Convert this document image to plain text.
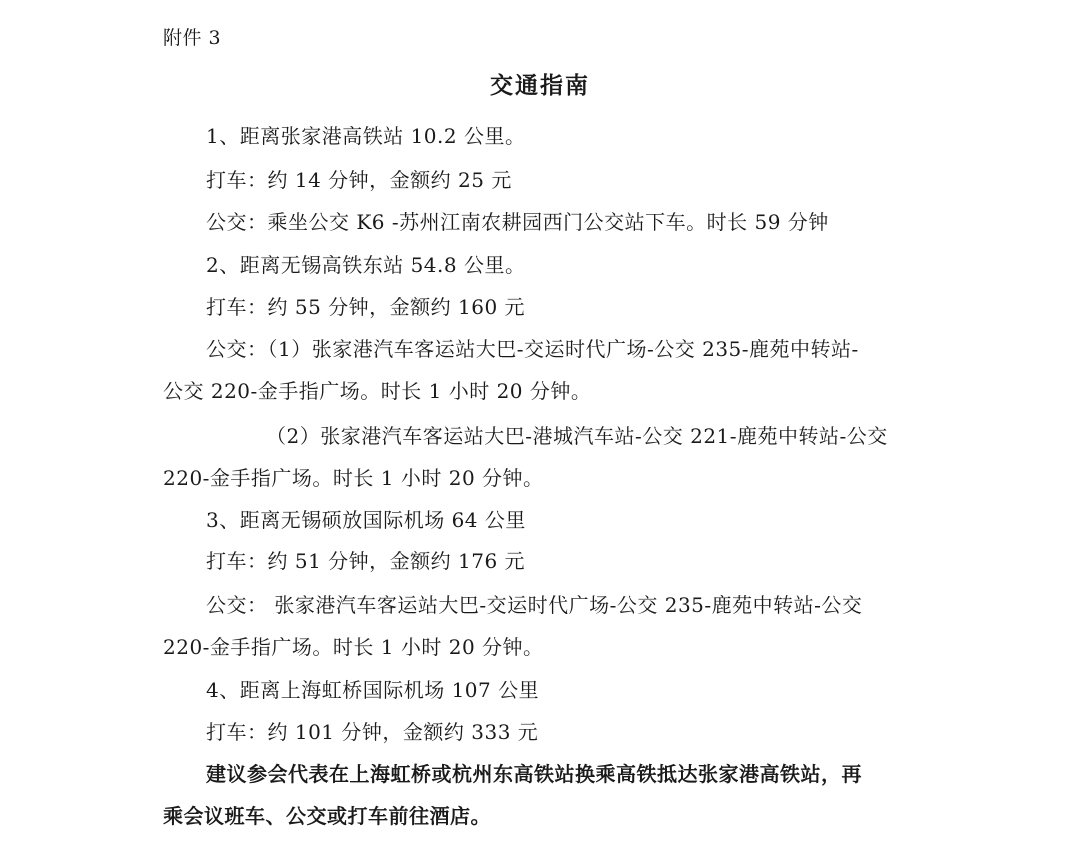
附件 3
交通指南
1、距离张家港高铁站 10.2 公里。
打车：约 14 分钟，金额约 25 元
公交：乘坐公交 K6 -苏州江南农耕园西门公交站下车。时长 59 分钟
2、距离无锡高铁东站 54.8 公里。
打车：约 55 分钟，金额约 160 元
公交：（1）张家港汽车客运站大巴-交运时代广场-公交 235-鹿苑中转站-
公交 220-金手指广场。时长 1 小时 20 分钟。
（2）张家港汽车客运站大巴-港城汽车站-公交 221-鹿苑中转站-公交
220-金手指广场。时长 1 小时 20 分钟。
3、距离无锡硕放国际机场 64 公里
打车：约 51 分钟，金额约 176 元
公交： 张家港汽车客运站大巴-交运时代广场-公交 235-鹿苑中转站-公交
220-金手指广场。时长 1 小时 20 分钟。
4、距离上海虹桥国际机场 107 公里
打车：约 101 分钟，金额约 333 元
建议参会代表在上海虹桥或杭州东高铁站换乘高铁抵达张家港高铁站，再
乘会议班车、公交或打车前往酒店。
